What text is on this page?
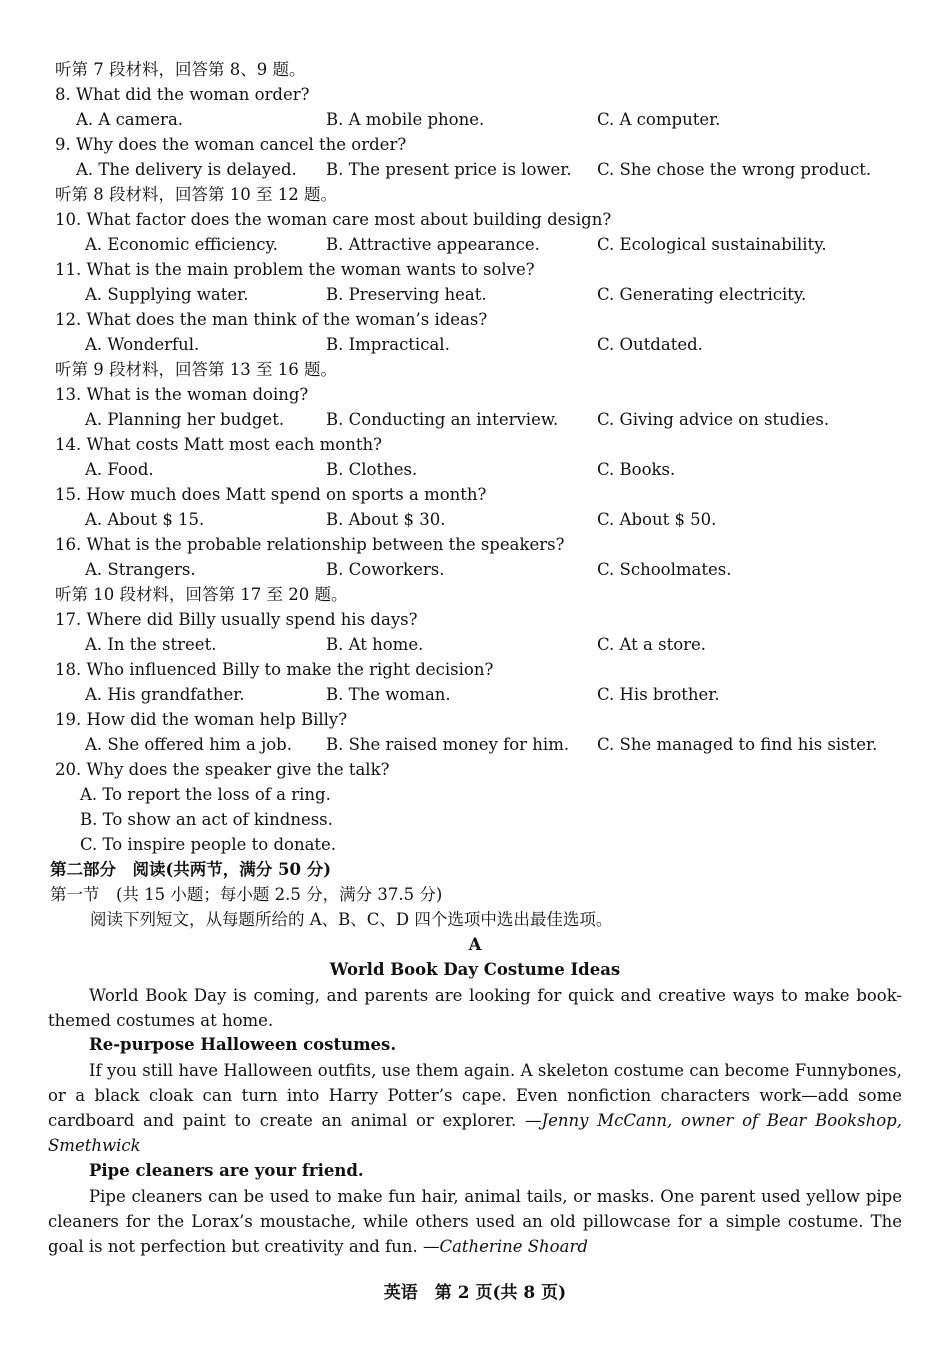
听第 7 段材料，回答第 8、9 题。
8. What did the woman order?
A. A camera.	B. A mobile phone.	C. A computer.
9. Why does the woman cancel the order?
A. The delivery is delayed. B. The present price is lower. C. She chose the wrong product.
听第 8 段材料，回答第 10 至 12 题。
10. What factor does the woman care most about building design?
A. Economic efficiency.	B. Attractive appearance.	C. Ecological sustainability.
11. What is the main problem the woman wants to solve?
A. Supplying water.	B. Preserving heat.	C. Generating electricity.
12. What does the man think of the woman’s ideas?
A. Wonderful.	B. Impractical.	C. Outdated.
听第 9 段材料，回答第 13 至 16 题。
13. What is the woman doing?
A. Planning her budget.	B. Conducting an interview. C. Giving advice on studies.
14. What costs Matt most each month?
A. Food.	B. Clothes.	C. Books.
15. How much does Matt spend on sports a month?
A. About $ 15.	B. About $ 30.	C. About $ 50.
16. What is the probable relationship between the speakers?
A. Strangers.	B. Coworkers.	C. Schoolmates.
听第 10 段材料，回答第 17 至 20 题。
17. Where did Billy usually spend his days?
A. In the street.	B. At home.	C. At a store.
18. Who influenced Billy to make the right decision?
A. His grandfather.	B. The woman.	C. His brother.
19. How did the woman help Billy?
A. She offered him a job. B. She raised money for him. C. She managed to find his sister.
20. Why does the speaker give the talk?
A. To report the loss of a ring.
B. To show an act of kindness.
C. To inspire people to donate.
第二部分　阅读(共两节，满分 50 分)
第一节　(共 15 小题；每小题 2.5 分，满分 37.5 分)
阅读下列短文，从每题所给的 A、B、C、D 四个选项中选出最佳选项。
A
World Book Day Costume Ideas
World Book Day is coming, and parents are looking for quick and creative ways to make book-themed costumes at home.
Re-purpose Halloween costumes.
If you still have Halloween outfits, use them again. A skeleton costume can become Funnybones, or a black cloak can turn into Harry Potter’s cape. Even nonfiction characters work—add some cardboard and paint to create an animal or explorer. —Jenny McCann, owner of Bear Bookshop, Smethwick
Pipe cleaners are your friend.
Pipe cleaners can be used to make fun hair, animal tails, or masks. One parent used yellow pipe cleaners for the Lorax’s moustache, while others used an old pillowcase for a simple costume. The goal is not perfection but creativity and fun. —Catherine Shoard
英语　第 2 页(共 8 页)
